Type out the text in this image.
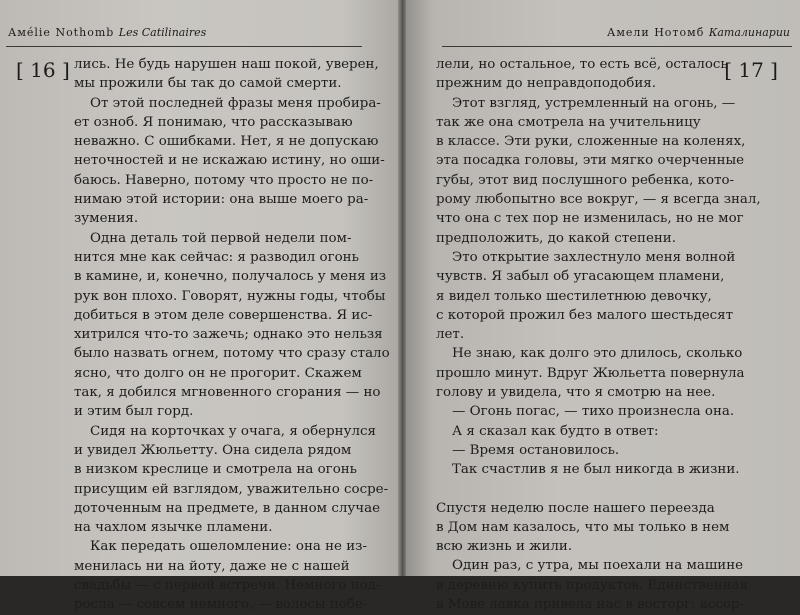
Амélie Nothomb Les Catilinaires
[ 16 ] лись. Не будь нарушен наш покой, уверен,
мы прожили бы так до самой смерти.
От этой последней фразы меня пробира-
ет озноб. Я понимаю, что рассказываю
неважно. С ошибками. Нет, я не допускаю
неточностей и не искажаю истину, но оши-
баюсь. Наверно, потому что просто не по-
нимаю этой истории: она выше моего ра-
зумения.
Одна деталь той первой недели пом-
нится мне как сейчас: я разводил огонь
в камине, и, конечно, получалось у меня из
рук вон плохо. Говорят, нужны годы, чтобы
добиться в этом деле совершенства. Я ис-
хитрился что-то зажечь; однако это нельзя
было назвать огнем, потому что сразу стало
ясно, что долго он не прогорит. Скажем
так, я добился мгновенного сгорания — но
и этим был горд.
Сидя на корточках у очага, я обернулся
и увидел Жюльетту. Она сидела рядом
в низком креслице и смотрела на огонь
присущим ей взглядом, уважительно сосре-
доточенным на предмете, в данном случае
на чахлом язычке пламени.
Как передать ошеломление: она не из-
менилась ни на йоту, даже не с нашей
свадьбы — с первой встречи. Немного под-
росла — совсем немного, — волосы побе-
Амели Нотомб Каталинарии
[ 17 ]
лели, но остальное, то есть всё, осталось
прежним до неправдоподобия.
Этот взгляд, устремленный на огонь, —
так же она смотрела на учительницу
в классе. Эти руки, сложенные на коленях,
эта посадка головы, эти мягко очерченные
губы, этот вид послушного ребенка, кото-
рому любопытно все вокруг, — я всегда знал,
что она с тех пор не изменилась, но не мог
предположить, до какой степени.
Это открытие захлестнуло меня волной
чувств. Я забыл об угасающем пламени,
я видел только шестилетнюю девочку,
с которой прожил без малого шестьдесят
лет.
Не знаю, как долго это длилось, сколько
прошло минут. Вдруг Жюльетта повернула
голову и увидела, что я смотрю на нее.
— Огонь погас, — тихо произнесла она.
А я сказал как будто в ответ:
— Время остановилось.
Так счастлив я не был никогда в жизни.
Спустя неделю после нашего переезда
в Дом нам казалось, что мы только в нем
всю жизнь и жили.
Один раз, с утра, мы поехали на машине
в деревню купить продуктов. Единственная
в Мове лавка привела нас в восторг: ассор-
